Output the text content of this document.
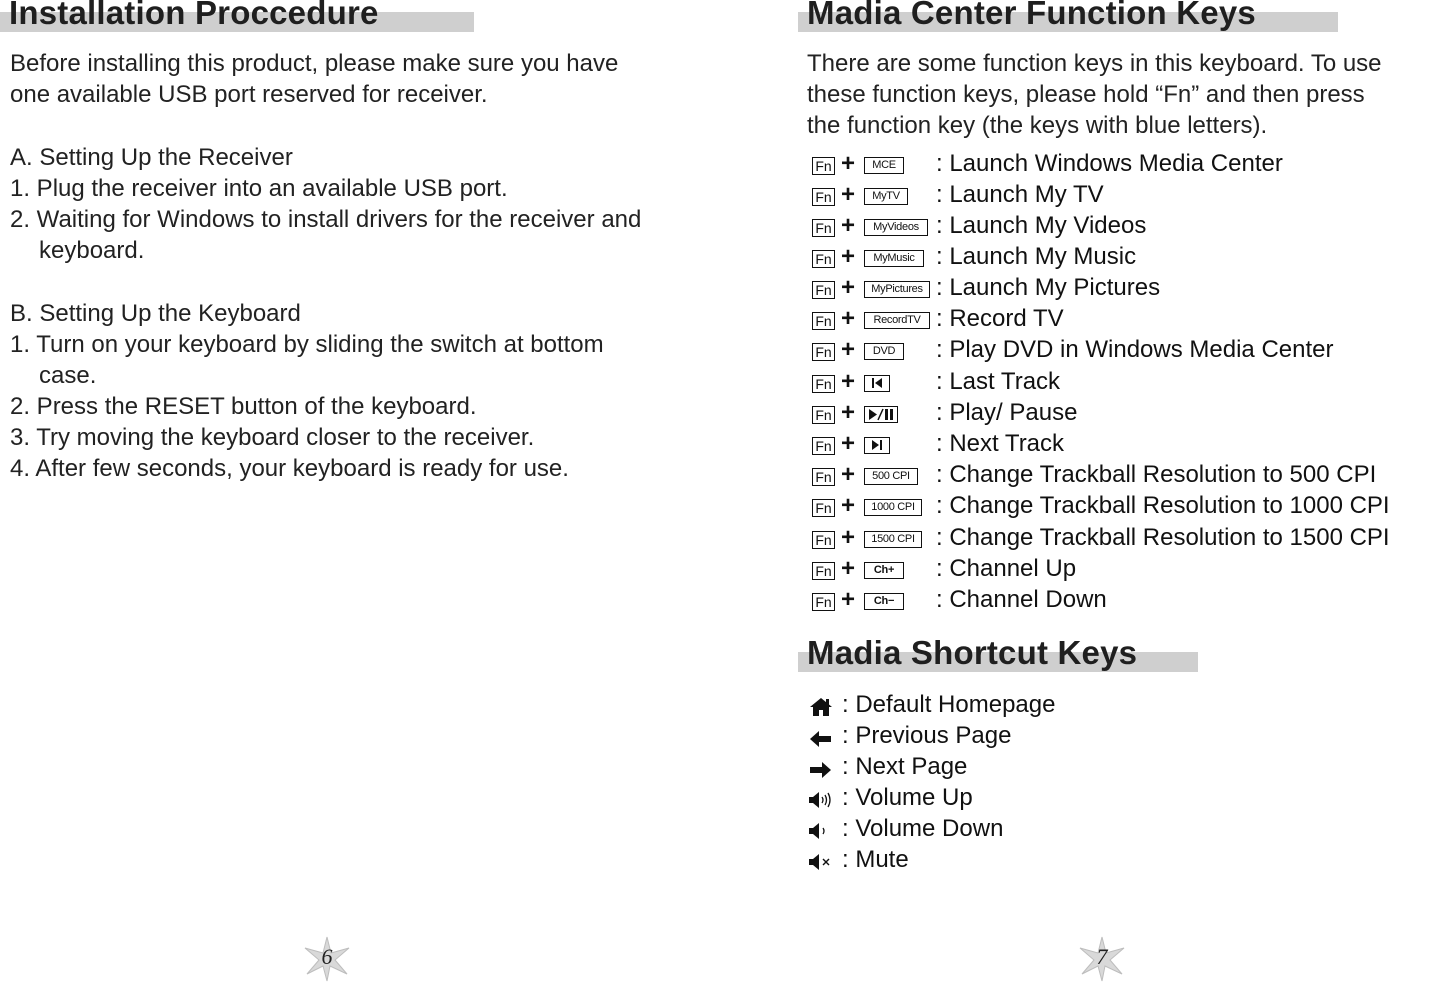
Installation Proccedure
Before installing this product, please make sure you have
one available USB port reserved for receiver.
A. Setting Up the Receiver
1. Plug the receiver into an available USB port.
2. Waiting for Windows to install drivers for the receiver and
keyboard.
B. Setting Up the Keyboard
1. Turn on your keyboard by sliding the switch at bottom
case.
2. Press the RESET button of the keyboard.
3. Try moving the keyboard closer to the receiver.
4. After few seconds, your keyboard is ready for use.
6
Madia Center Function Keys
There are some function keys in this keyboard. To use
these function keys, please hold “Fn” and then press
the function key (the keys with blue letters).
Fn +	MCE	: Launch Windows Media Center
Fn +	MyTV	: Launch My TV
Fn +	MyVideos : Launch My Videos
Fn +	MyMusic : Launch My Music
Fn +	MyPictures : Launch My Pictures
Fn +	RecordTV : Record TV
Fn +	DVD	: Play DVD in Windows Media Center
Fn +	: Last Track
Fn +	: Play/ Pause
Fn +	: Next Track
Fn +	500 CPI	: Change Trackball Resolution to 500 CPI
Fn +	1000 CPI : Change Trackball Resolution to 1000 CPI
Fn +	1500 CPI : Change Trackball Resolution to 1500 CPI
Fn +	Ch+	: Channel Up
Fn +	Ch−	: Channel Down
Madia Shortcut Keys
: Default Homepage
: Previous Page
: Next Page
: Volume Up
: Volume Down
: Mute
7
